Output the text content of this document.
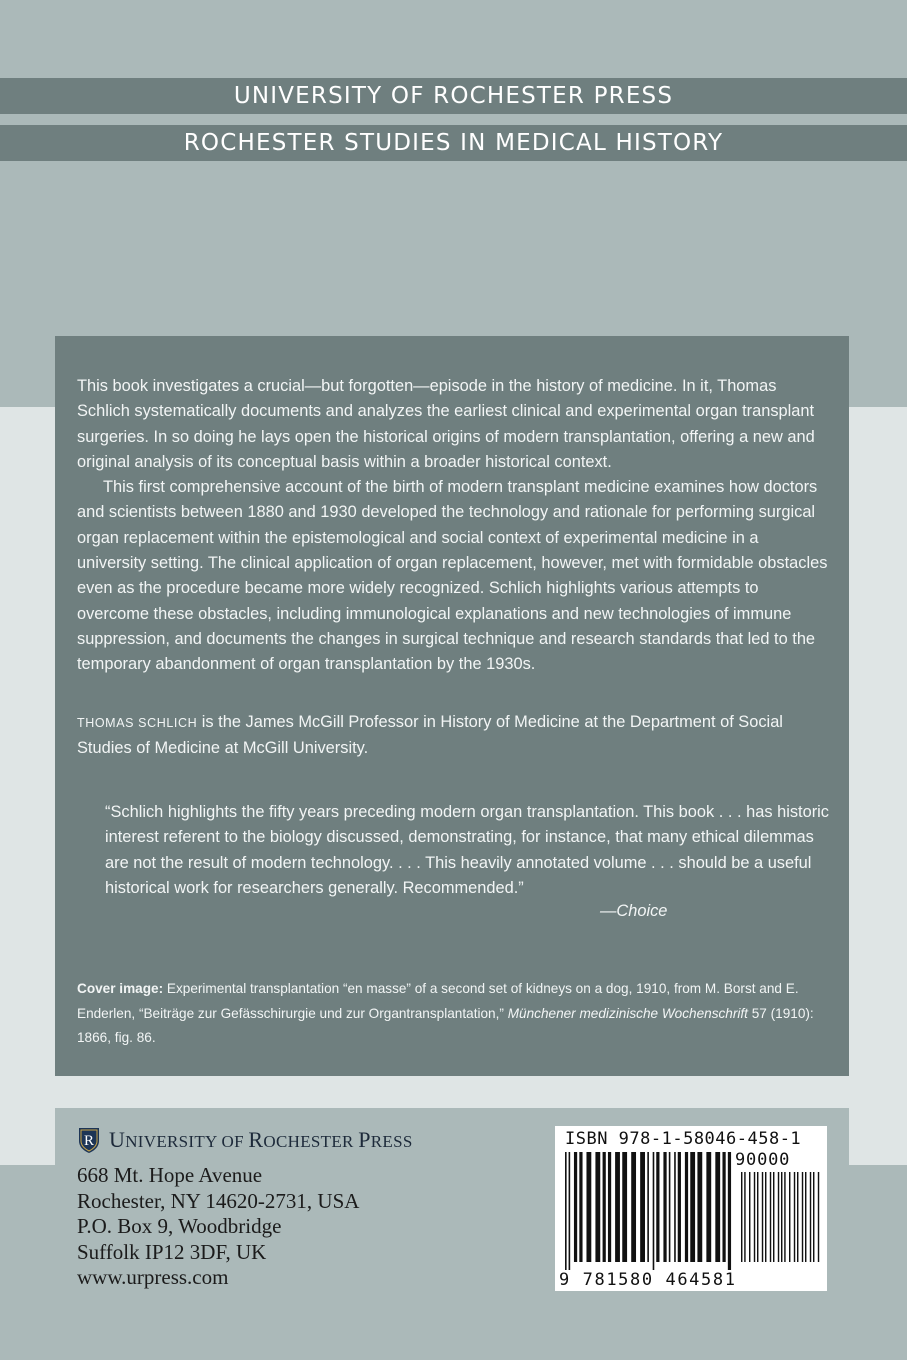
UNIVERSITY OF ROCHESTER PRESS
ROCHESTER STUDIES IN MEDICAL HISTORY

This book investigates a crucial—but forgotten—episode in the history of medicine. In it, Thomas Schlich systematically documents and analyzes the earliest clinical and experimental organ transplant surgeries. In so doing he lays open the historical origins of modern transplantation, offering a new and original analysis of its conceptual basis within a broader historical context.

This first comprehensive account of the birth of modern transplant medicine examines how doctors and scientists between 1880 and 1930 developed the technology and rationale for performing surgical organ replacement within the epistemological and social context of experimental medicine in a university setting. The clinical application of organ replacement, however, met with formidable obstacles even as the procedure became more widely recognized. Schlich highlights various attempts to overcome these obstacles, including immunological explanations and new technologies of immune suppression, and documents the changes in surgical technique and research standards that led to the temporary abandonment of organ transplantation by the 1930s.

THOMAS SCHLICH is the James McGill Professor in History of Medicine at the Department of Social Studies of Medicine at McGill University.
“Schlich highlights the fifty years preceding modern organ transplantation. This book . . . has historic interest referent to the biology discussed, demonstrating, for instance, that many ethical dilemmas are not the result of modern technology. . . . This heavily annotated volume . . . should be a useful historical work for researchers generally. Recommended.”
—Choice
Cover image: Experimental transplantation “en masse” of a second set of kidneys on a dog, 1910, from M. Borst and E. Enderlen, “Beiträge zur Gefässchirurgie und zur Organtransplantation,” Münchener medizinische Wochenschrift 57 (1910): 1866, fig. 86.
R UNIVERSITY OF ROCHESTER PRESS
668 Mt. Hope Avenue
Rochester, NY 14620-2731, USA
P.O. Box 9, Woodbridge
Suffolk IP12 3DF, UK
www.urpress.com
ISBN 978-1-58046-458-1
90000
9 781580 464581
